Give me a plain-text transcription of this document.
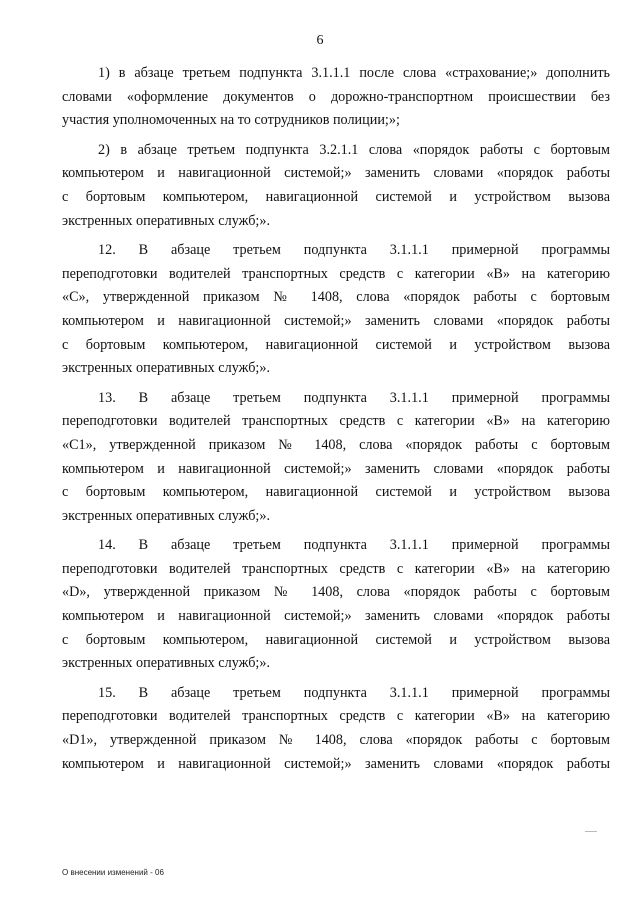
6
1) в абзаце третьем подпункта 3.1.1.1 после слова «страхование;» дополнить
словами «оформление документов о дорожно-транспортном происшествии без
участия уполномоченных на то сотрудников полиции;»;
2) в абзаце третьем подпункта 3.2.1.1 слова «порядок работы с бортовым
компьютером и навигационной системой;» заменить словами «порядок работы
с бортовым компьютером, навигационной системой и устройством вызова
экстренных оперативных служб;».
12. В абзаце третьем подпункта 3.1.1.1 примерной программы
переподготовки водителей транспортных средств с категории «B» на категорию
«C», утвержденной приказом № 1408, слова «порядок работы с бортовым
компьютером и навигационной системой;» заменить словами «порядок работы
с бортовым компьютером, навигационной системой и устройством вызова
экстренных оперативных служб;».
13. В абзаце третьем подпункта 3.1.1.1 примерной программы
переподготовки водителей транспортных средств с категории «B» на категорию
«C1», утвержденной приказом № 1408, слова «порядок работы с бортовым
компьютером и навигационной системой;» заменить словами «порядок работы
с бортовым компьютером, навигационной системой и устройством вызова
экстренных оперативных служб;».
14. В абзаце третьем подпункта 3.1.1.1 примерной программы
переподготовки водителей транспортных средств с категории «B» на категорию
«D», утвержденной приказом № 1408, слова «порядок работы с бортовым
компьютером и навигационной системой;» заменить словами «порядок работы
с бортовым компьютером, навигационной системой и устройством вызова
экстренных оперативных служб;».
15. В абзаце третьем подпункта 3.1.1.1 примерной программы
переподготовки водителей транспортных средств с категории «B» на категорию
«D1», утвержденной приказом № 1408, слова «порядок работы с бортовым
компьютером и навигационной системой;» заменить словами «порядок работы
О внесении изменений - 06
